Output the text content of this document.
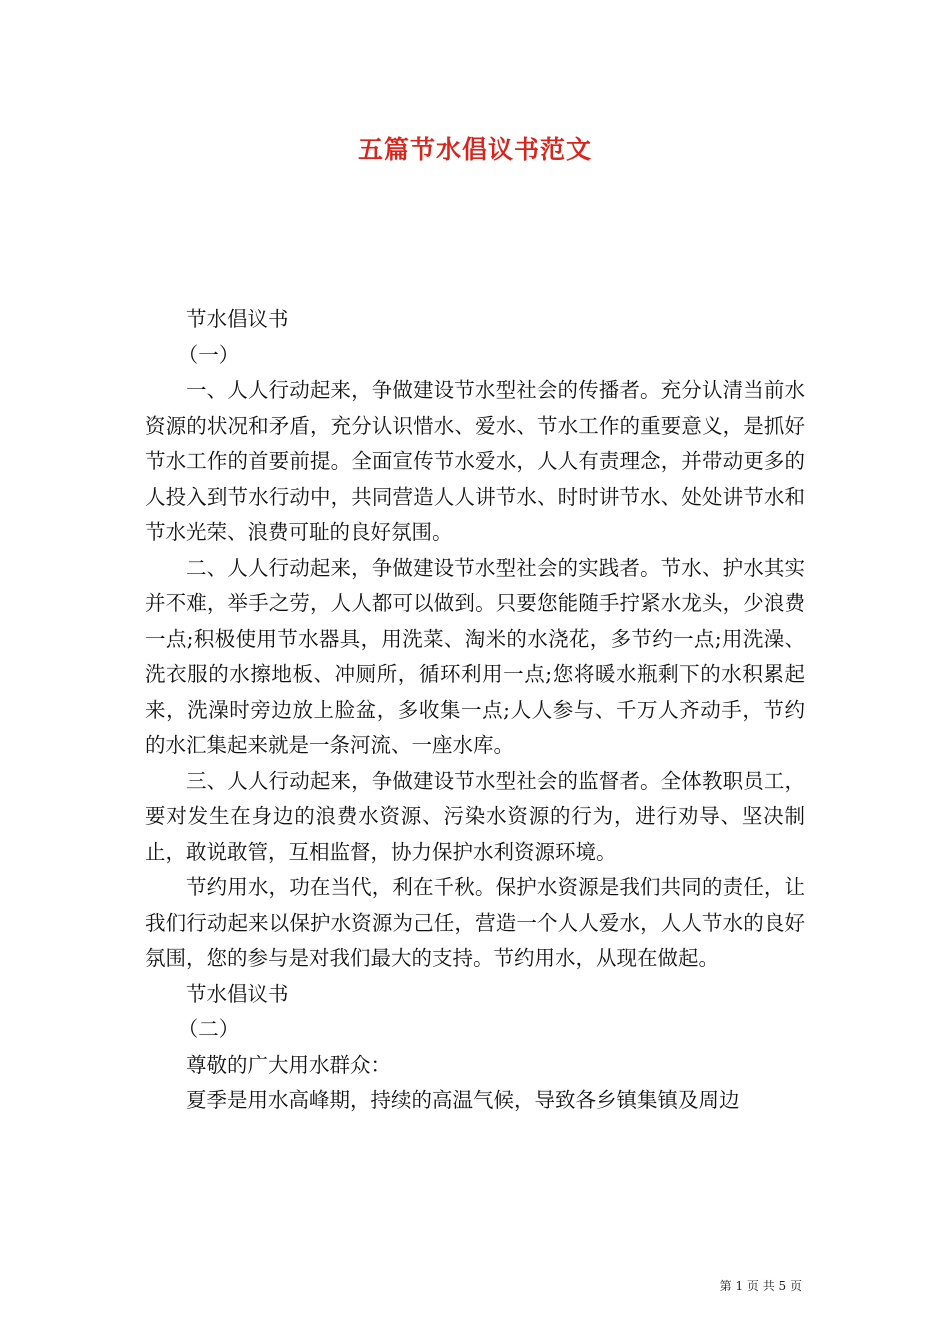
五篇节水倡议书范文

节水倡议书

（一）

一、人人行动起来，争做建设节水型社会的传播者。充分认清当前水资源的状况和矛盾，充分认识惜水、爱水、节水工作的重要意义，是抓好节水工作的首要前提。全面宣传节水爱水，人人有责理念，并带动更多的人投入到节水行动中，共同营造人人讲节水、时时讲节水、处处讲节水和节水光荣、浪费可耻的良好氛围。

二、人人行动起来，争做建设节水型社会的实践者。节水、护水其实并不难，举手之劳，人人都可以做到。只要您能随手拧紧水龙头，少浪费一点;积极使用节水器具，用洗菜、淘米的水浇花，多节约一点;用洗澡、洗衣服的水擦地板、冲厕所，循环利用一点;您将暖水瓶剩下的水积累起来，洗澡时旁边放上脸盆，多收集一点;人人参与、千万人齐动手，节约的水汇集起来就是一条河流、一座水库。

三、人人行动起来，争做建设节水型社会的监督者。全体教职员工，要对发生在身边的浪费水资源、污染水资源的行为，进行劝导、坚决制止，敢说敢管，互相监督，协力保护水利资源环境。

节约用水，功在当代，利在千秋。保护水资源是我们共同的责任，让我们行动起来以保护水资源为己任，营造一个人人爱水，人人节水的良好氛围，您的参与是对我们最大的支持。节约用水，从现在做起。

节水倡议书

（二）

尊敬的广大用水群众：

夏季是用水高峰期，持续的高温气候，导致各乡镇集镇及周边

第 1 页 共 5 页
